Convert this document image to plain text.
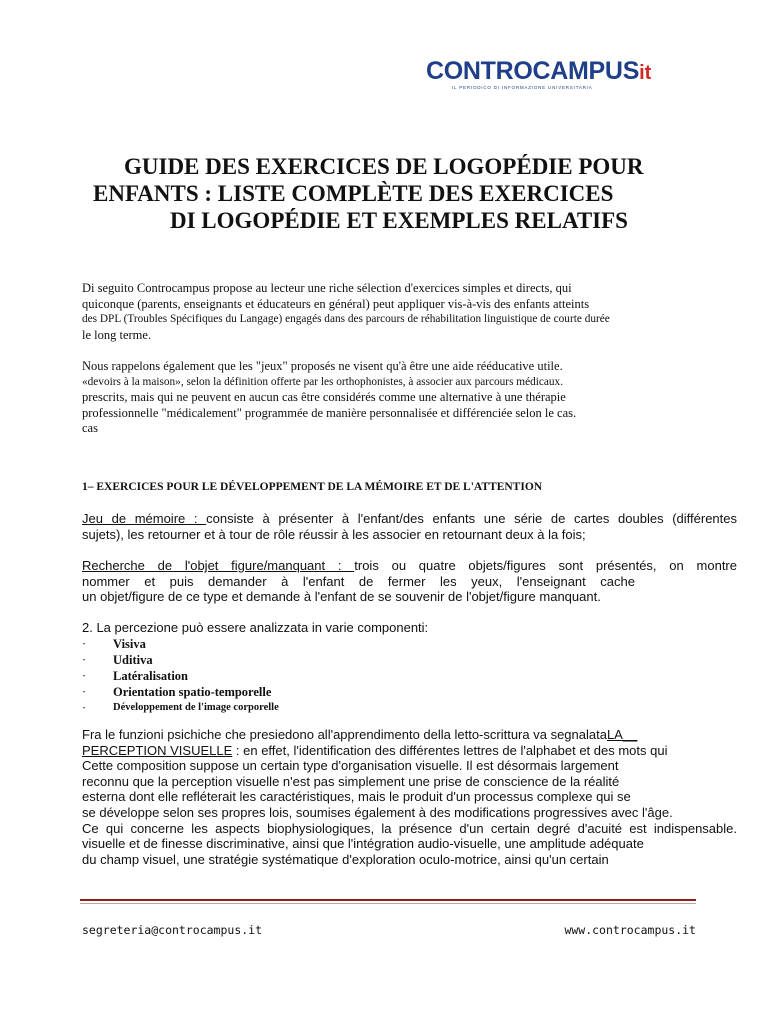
CONTROCAMPUSit
IL PERIODICO DI INFORMAZIONE UNIVERSITARIA
GUIDE DES EXERCICES DE LOGOPÉDIE POUR
ENFANTS : LISTE COMPLÈTE DES EXERCICES
DI LOGOPÉDIE ET EXEMPLES RELATIFS
Di seguito Controcampus propose au lecteur une riche sélection d'exercices simples et directs, qui
quiconque (parents, enseignants et éducateurs en général) peut appliquer vis-à-vis des enfants atteints
des DPL (Troubles Spécifiques du Langage) engagés dans des parcours de réhabilitation linguistique de courte durée
le long terme.
Nous rappelons également que les "jeux" proposés ne visent qu'à être une aide rééducative utile.
«devoirs à la maison», selon la définition offerte par les orthophonistes, à associer aux parcours médicaux.
prescrits, mais qui ne peuvent en aucun cas être considérés comme une alternative à une thérapie
professionnelle "médicalement" programmée de manière personnalisée et différenciée selon le cas.
cas
1– EXERCICES POUR LE DÉVELOPPEMENT DE LA MÉMOIRE ET DE L'ATTENTION
Jeu de mémoire : consiste à présenter à l'enfant/des enfants une série de cartes doubles (différentes
sujets), les retourner et à tour de rôle réussir à les associer en retournant deux à la fois;
Recherche de l'objet figure/manquant : trois ou quatre objets/figures sont présentés, on montre
nommer et puis demander à l'enfant de fermer les yeux, l'enseignant cache
un objet/figure de ce type et demande à l'enfant de se souvenir de l'objet/figure manquant.
2. La percezione può essere analizzata in varie componenti:
· Visiva
· Uditiva
· Latéralisation
· Orientation spatio-temporelle
·	Développement de l'image corporelle
Fra le funzioni psichiche che presiedono all'apprendimento della letto-scrittura va segnalataLA__
PERCEPTION VISUELLE : en effet, l'identification des différentes lettres de l'alphabet et des mots qui
Cette composition suppose un certain type d'organisation visuelle. Il est désormais largement
reconnu que la perception visuelle n'est pas simplement une prise de conscience de la réalité
esterna dont elle refléterait les caractéristiques, mais le produit d'un processus complexe qui se
se développe selon ses propres lois, soumises également à des modifications progressives avec l'âge.
Ce qui concerne les aspects biophysiologiques, la présence d'un certain degré d'acuité est indispensable.
visuelle et de finesse discriminative, ainsi que l'intégration audio-visuelle, une amplitude adéquate
du champ visuel, une stratégie systématique d'exploration oculo-motrice, ainsi qu'un certain
segreteria@controcampus.it	www.controcampus.it
